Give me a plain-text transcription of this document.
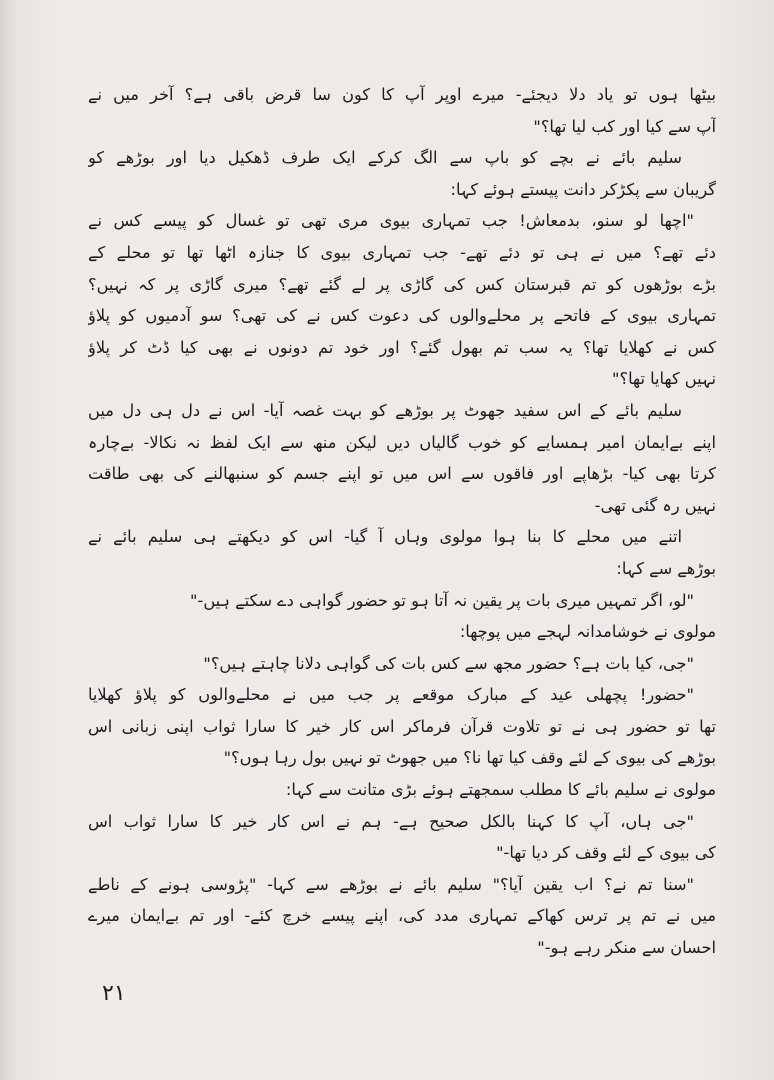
بیٹھا ہوں تو یاد دلا دیجئے- میرے اوپر آپ کا کون سا قرض باقی ہے؟ آخر میں نے
آپ سے کیا اور کب لیا تھا؟"
سلیم بائے نے بچے کو باپ سے الگ کرکے ایک طرف ڈھکیل دیا اور بوڑھے کو
گریبان سے پکڑکر دانت پیستے ہوئے کہا:
"اچھا لو سنو، بدمعاش! جب تمہاری بیوی مری تھی تو غسال کو پیسے کس نے
دئے تھے؟ میں نے ہی تو دئے تھے- جب تمہاری بیوی کا جنازہ اٹھا تھا تو محلے کے
بڑے بوڑھوں کو تم قبرستان کس کی گاڑی پر لے گئے تھے؟ میری گاڑی پر کہ نہیں؟
تمہاری بیوی کے فاتحے پر محلےوالوں کی دعوت کس نے کی تھی؟ سو آدمیوں کو پلاؤ
کس نے کھلایا تھا؟ یہ سب تم بھول گئے؟ اور خود تم دونوں نے بھی کیا ڈٹ کر پلاؤ
نہیں کھایا تھا؟"
سلیم بائے کے اس سفید جھوٹ پر بوڑھے کو بہت غصہ آیا- اس نے دل ہی دل میں
اپنے بےایمان امیر ہمسایے کو خوب گالیاں دیں لیکن منھ سے ایک لفظ نہ نکالا- بےچارہ
کرتا بھی کیا- بڑھاپے اور فاقوں سے اس میں تو اپنے جسم کو سنبھالنے کی بھی طاقت
نہیں رہ گئی تھی-
اتنے میں محلے کا بنا ہوا مولوی وہاں آ گیا- اس کو دیکھتے ہی سلیم بائے نے
بوڑھے سے کہا:
"لو، اگر تمہیں میری بات پر یقین نہ آتا ہو تو حضور گواہی دے سکتے ہیں-"
مولوی نے خوشامدانہ لہجے میں پوچھا:
"جی، کیا بات ہے؟ حضور مجھ سے کس بات کی گواہی دلانا چاہتے ہیں؟"
"حضور! پچھلی عید کے مبارک موقعے پر جب میں نے محلےوالوں کو پلاؤ کھلایا
تھا تو حضور ہی نے تو تلاوت قرآن فرماکر اس کار خیر کا سارا ثواب اپنی زبانی اس
بوڑھے کی بیوی کے لئے وقف کیا تھا نا؟ میں جھوٹ تو نہیں بول رہا ہوں؟"
مولوی نے سلیم بائے کا مطلب سمجھتے ہوئے بڑی متانت سے کہا:
"جی ہاں، آپ کا کہنا بالکل صحیح ہے- ہم نے اس کار خیر کا سارا ثواب اس
کی بیوی کے لئے وقف کر دیا تھا-"
"سنا تم نے؟ اب یقین آیا؟" سلیم بائے نے بوڑھے سے کہا- "پڑوسی ہونے کے ناطے
میں نے تم پر ترس کھاکے تمہاری مدد کی، اپنے پیسے خرچ کئے- اور تم بےایمان میرے
احسان سے منکر رہے ہو-"
٢١
